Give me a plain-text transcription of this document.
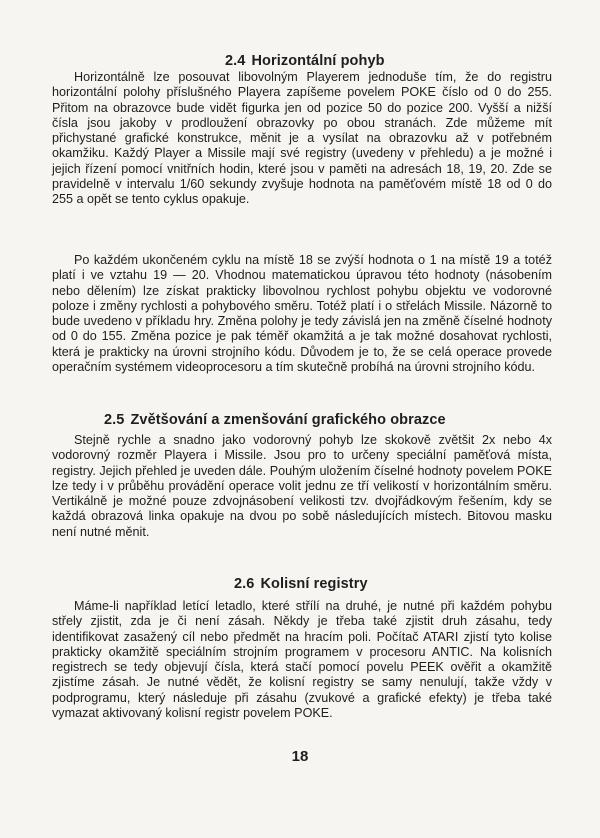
2.4 Horizontální pohyb

Horizontálně lze posouvat libovolným Playerem jednoduše tím, že do registru horizontální polohy příslušného Playera zapíšeme povelem POKE číslo od 0 do 255. Přitom na obrazovce bude vidět figurka jen od pozice 50 do pozice 200. Vyšší a nižší čísla jsou jakoby v prodloužení obrazovky po obou stranách. Zde můžeme mít přichystané grafické konstrukce, měnit je a vysílat na obrazovku až v potřebném okamžiku. Každý Player a Missile mají své registry (uvedeny v přehledu) a je možné i jejich řízení pomocí vnitřních hodin, které jsou v paměti na adresách 18, 19, 20. Zde se pravidelně v intervalu 1/60 sekundy zvyšuje hodnota na paměťovém místě 18 od 0 do 255 a opět se tento cyklus opakuje.

Po každém ukončeném cyklu na místě 18 se zvýší hodnota o 1 na místě 19 a totéž platí i ve vztahu 19 — 20. Vhodnou matematickou úpravou této hodnoty (násobením nebo dělením) lze získat prakticky libovolnou rychlost pohybu objektu ve vodorovné poloze i změny rychlosti a pohybového směru. Totéž platí i o střelách Missile. Názorně to bude uvedeno v příkladu hry. Změna polohy je tedy závislá jen na změně číselné hodnoty od 0 do 155. Změna pozice je pak téměř okamžitá a je tak možné dosahovat rychlosti, která je prakticky na úrovni strojního kódu. Důvodem je to, že se celá operace provede operačním systémem videoprocesoru a tím skutečně probíhá na úrovni strojního kódu.

2.5 Zvětšování a zmenšování grafického obrazce

Stejně rychle a snadno jako vodorovný pohyb lze skokově zvětšit 2x nebo 4x vodorovný rozměr Playera i Missile. Jsou pro to určeny speciální paměťová místa, registry. Jejich přehled je uveden dále. Pouhým uložením číselné hodnoty povelem POKE lze tedy i v průběhu provádění operace volit jednu ze tří velikostí v horizontálním směru. Vertikálně je možné pouze zdvojnásobení velikosti tzv. dvojřádkovým řešením, kdy se každá obrazová linka opakuje na dvou po sobě následujících místech. Bitovou masku není nutné měnit.

2.6 Kolisní registry

Máme-li například letící letadlo, které střílí na druhé, je nutné při každém pohybu střely zjistit, zda je či není zásah. Někdy je třeba také zjistit druh zásahu, tedy identifikovat zasažený cíl nebo předmět na hracím poli. Počítač ATARI zjistí tyto kolise prakticky okamžitě speciálním strojním programem v procesoru ANTIC. Na kolisních registrech se tedy objevují čísla, která stačí pomocí povelu PEEK ověřit a okamžitě zjistíme zásah. Je nutné vědět, že kolisní registry se samy nenulují, takže vždy v podprogramu, který následuje při zásahu (zvukové a grafické efekty) je třeba také vymazat aktivovaný kolisní registr povelem POKE.

18
